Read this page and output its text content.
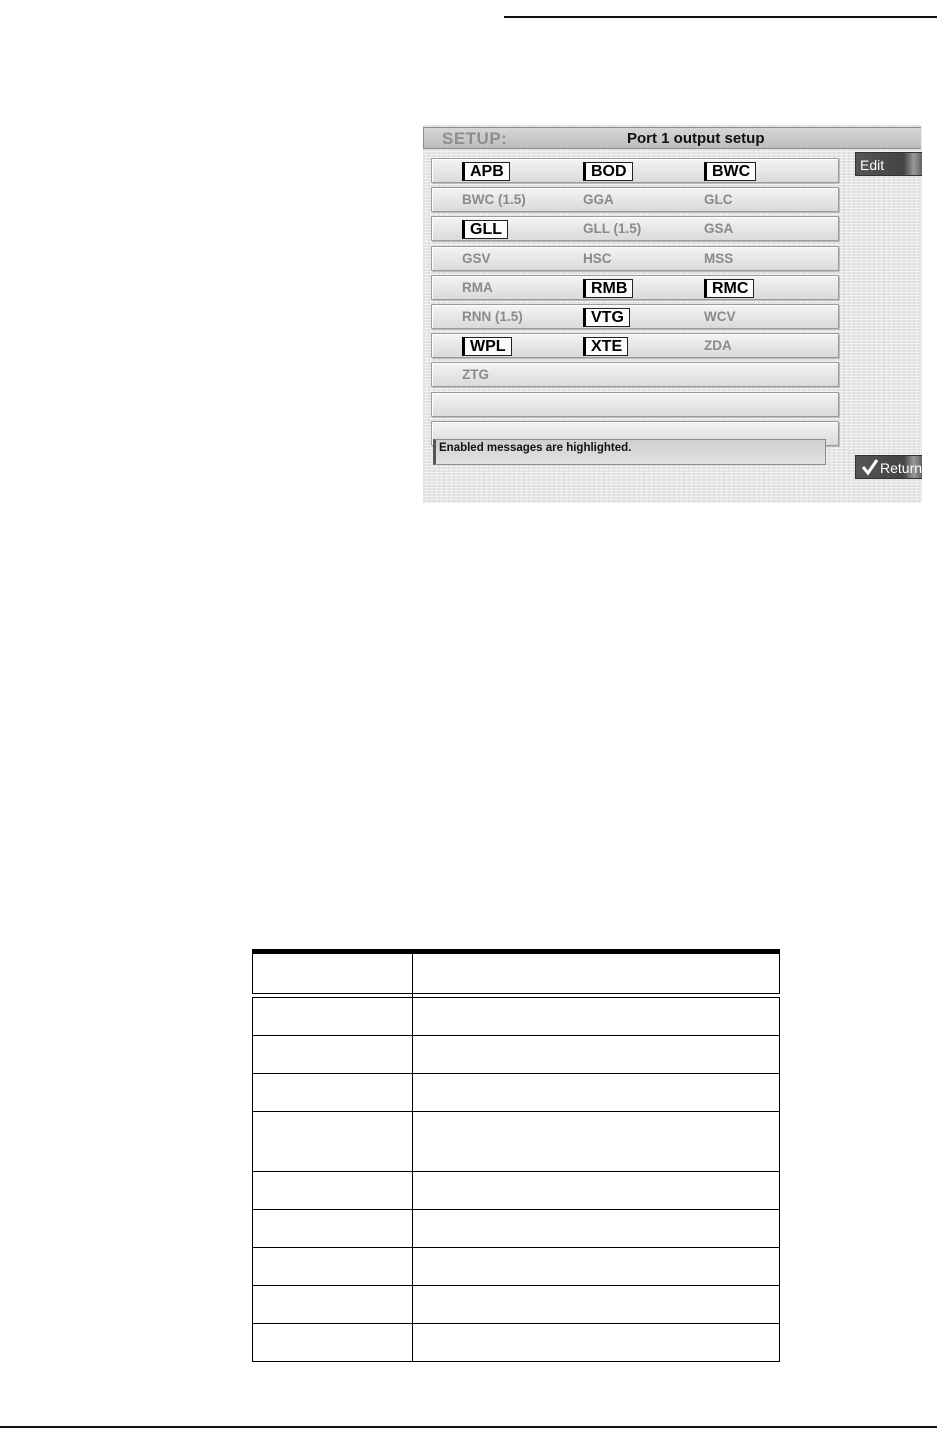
SETUP:	Port 1 output setup
APB	BOD	BWC
BWC (1.5)	GGA	GLC
GLL	GLL (1.5)	GSA
GSV	HSC	MSS
RMA	RMB	RMC
RNN (1.5)	VTG	WCV
WPL	XTE	ZDA
ZTG
Enabled messages are highlighted.
Edit
Return
